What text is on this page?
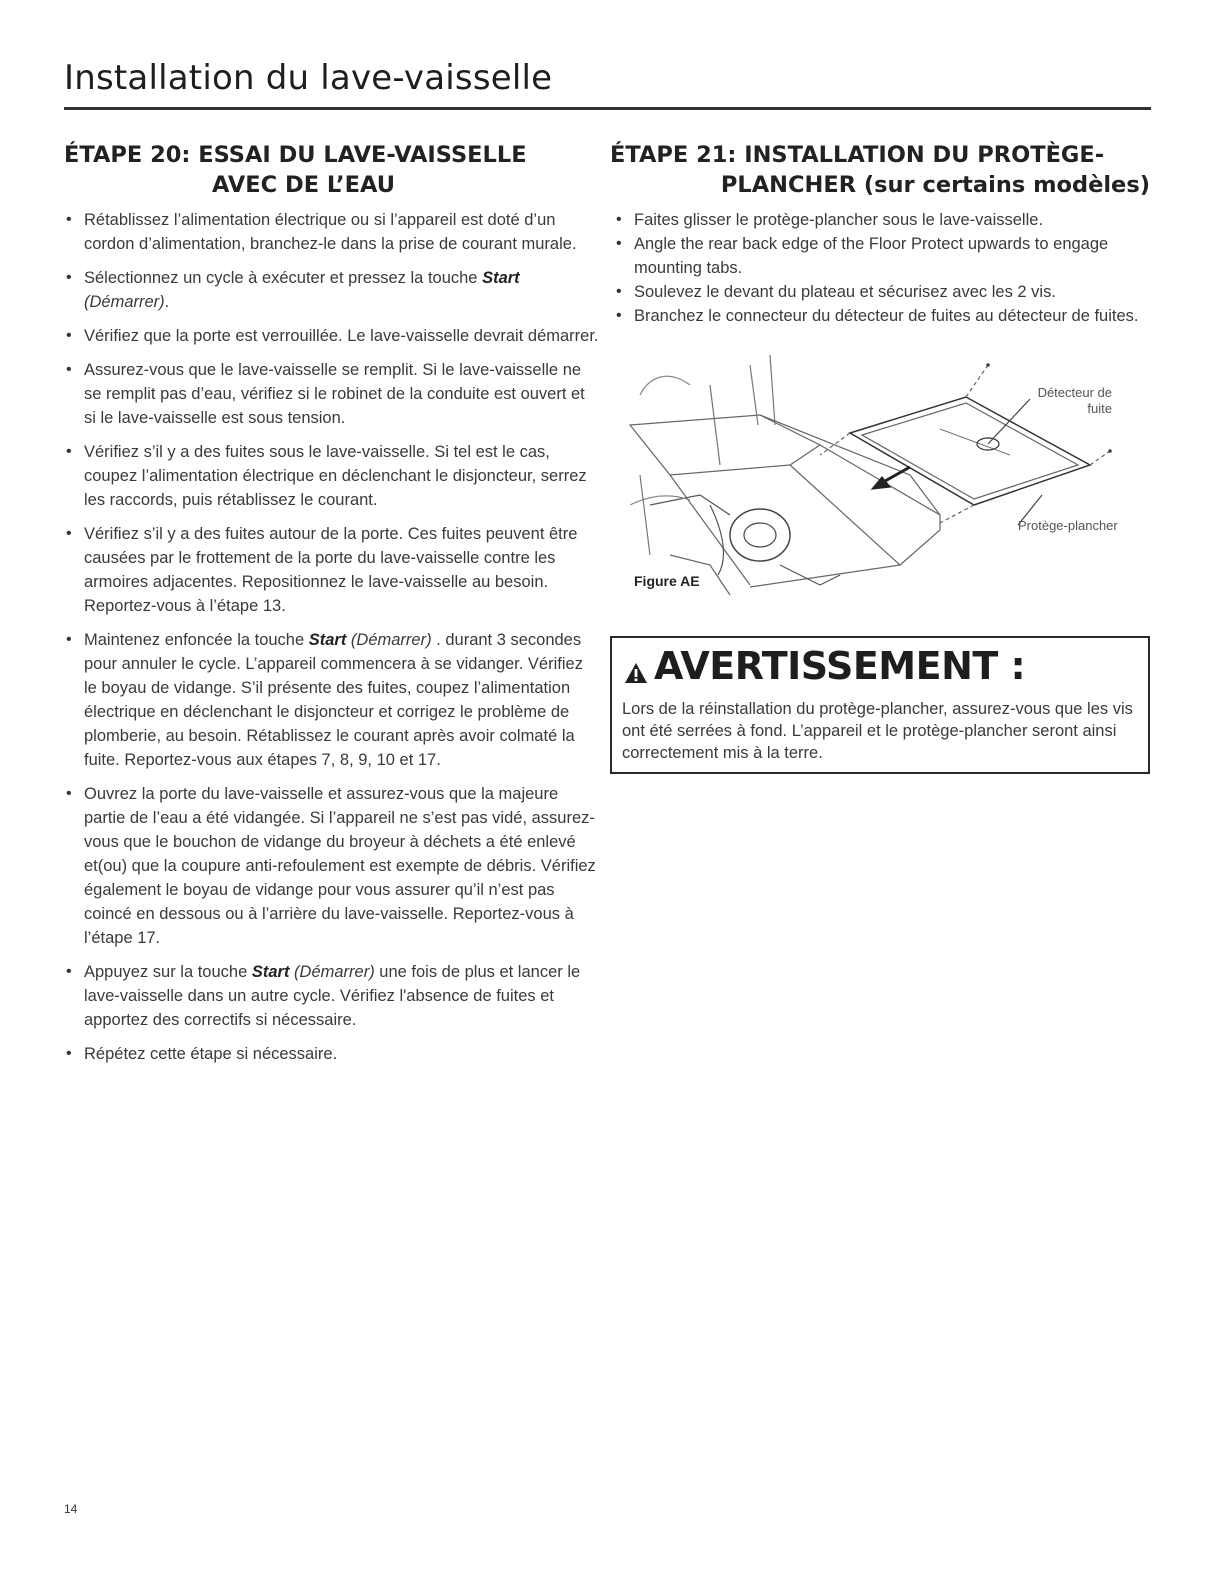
Installation du lave-vaisselle
ÉTAPE 20: ESSAI DU LAVE-VAISSELLE
AVEC DE L’EAU
• Rétablissez l’alimentation électrique ou si l’appareil est doté d’un cordon d’alimentation, branchez-le dans la prise de courant murale.
• Sélectionnez un cycle à exécuter et pressez la touche Start (Démarrer).
• Vérifiez que la porte est verrouillée. Le lave-vaisselle devrait démarrer.
• Assurez-vous que le lave-vaisselle se remplit. Si le lave-vaisselle ne se remplit pas d’eau, vérifiez si le robinet de la conduite est ouvert et si le lave-vaisselle est sous tension.
• Vérifiez s’il y a des fuites sous le lave-vaisselle. Si tel est le cas, coupez l’alimentation électrique en déclenchant le disjoncteur, serrez les raccords, puis rétablissez le courant.
• Vérifiez s’il y a des fuites autour de la porte. Ces fuites peuvent être causées par le frottement de la porte du lave-vaisselle contre les armoires adjacentes. Repositionnez le lave-vaisselle au besoin. Reportez-vous à l’étape 13.
• Maintenez enfoncée la touche Start (Démarrer) . durant 3 secondes pour annuler le cycle. L’appareil commencera à se vidanger. Vérifiez le boyau de vidange. S’il présente des fuites, coupez l’alimentation électrique en déclenchant le disjoncteur et corrigez le problème de plomberie, au besoin. Rétablissez le courant après avoir colmaté la fuite. Reportez-vous aux étapes 7, 8, 9, 10 et 17.
• Ouvrez la porte du lave-vaisselle et assurez-vous que la majeure partie de l’eau a été vidangée. Si l’appareil ne s’est pas vidé, assurez-vous que le bouchon de vidange du broyeur à déchets a été enlevé et(ou) que la coupure anti-refoulement est exempte de débris. Vérifiez également le boyau de vidange pour vous assurer qu’il n’est pas coincé en dessous ou à l’arrière du lave-vaisselle. Reportez-vous à l’étape 17.
• Appuyez sur la touche Start (Démarrer) une fois de plus et lancer le lave-vaisselle dans un autre cycle. Vérifiez l'absence de fuites et apportez des correctifs si nécessaire.
• Répétez cette étape si nécessaire.
ÉTAPE 21: INSTALLATION DU PROTÈGE-
PLANCHER (sur certains modèles)
• Faites glisser le protège-plancher sous le lave-vaisselle.
• Angle the rear back edge of the Floor Protect upwards to engage mounting tabs.
• Soulevez le devant du plateau et sécurisez avec les 2 vis.
• Branchez le connecteur du détecteur de fuites au détecteur de fuites.
Détecteur de fuite
Protège-plancher
Figure AE
AVERTISSEMENT :
Lors de la réinstallation du protège-plancher, assurez-vous que les vis ont été serrées à fond. L’appareil et le protège-plancher seront ainsi correctement mis à la terre.
14
